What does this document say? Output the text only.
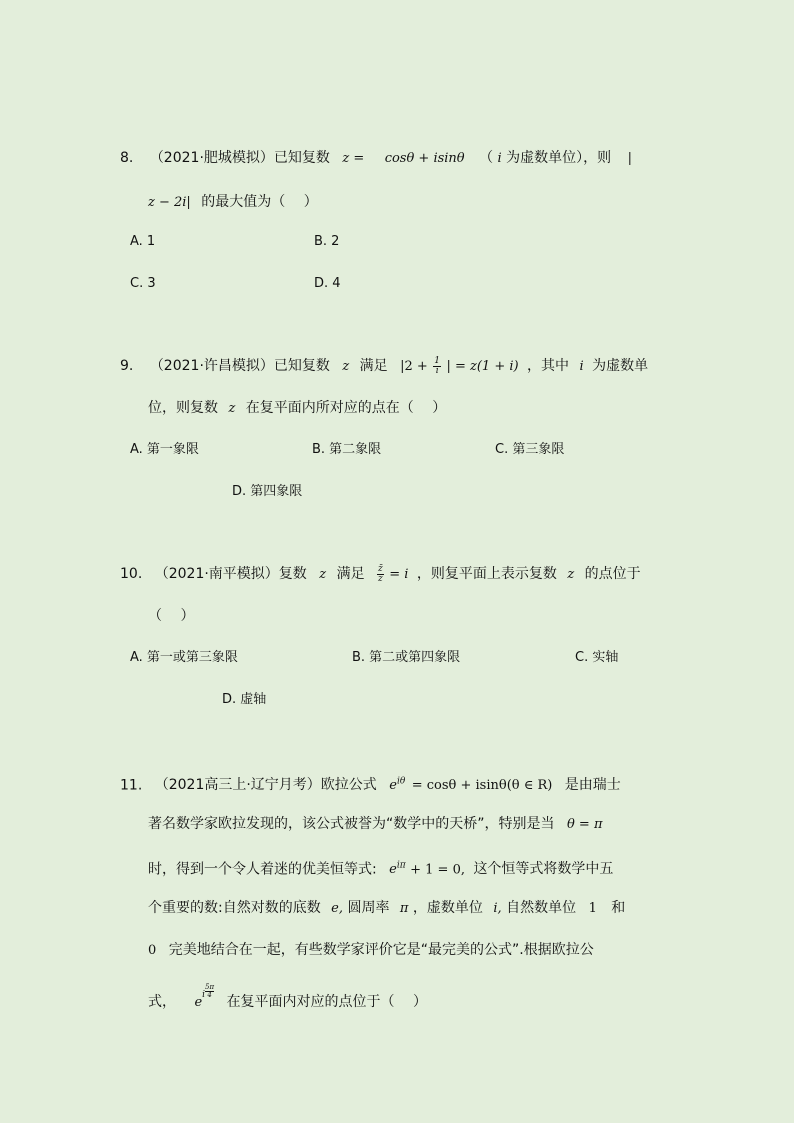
8. （2021·肥城模拟）已知复数 z = cosθ + isinθ （ i 为虚数单位），则 |
z − 2i| 的最大值为（　 ）
A. 1	B. 2
C. 3	D. 4
9. （2021·许昌模拟）已知复数 z 满足 $|2 + \frac{1}{i}$ | = z(1 + i) ，其中 i 为虚数单
位，则复数 z 在复平面内所对应的点在（　 ）
A. 第一象限	B. 第二象限	C. 第三象限
D. 第四象限
10. （2021·南平模拟）复数 z 满足 $\frac{z̄}{z} = i$ ，则复平面上表示复数 z 的点位于
（　 ）
A. 第一或第三象限	B. 第二或第四象限	C. 实轴
D. 虚轴
11. （2021高三上·辽宁月考）欧拉公式 $e^{i\theta} = \cos\theta + isin\theta(\theta$ ∈ R) 是由瑞士
著名数学家欧拉发现的，该公式被誉为“数学中的天桥”，特别是当 θ = π
时，得到一个令人着迷的优美恒等式: $e^{i\pi} + 1 = 0$, 这个恒等式将数学中五
个重要的数:自然对数的底数 e, 圆周率 π ，虚数单位 i, 自然数单位 1 和
0 完美地结合在一起，有些数学家评价它是“最完美的公式”.根据欧拉公
式， $e^i \frac{5\pi}{4}$
在复平面内对应的点位于（　 ）
